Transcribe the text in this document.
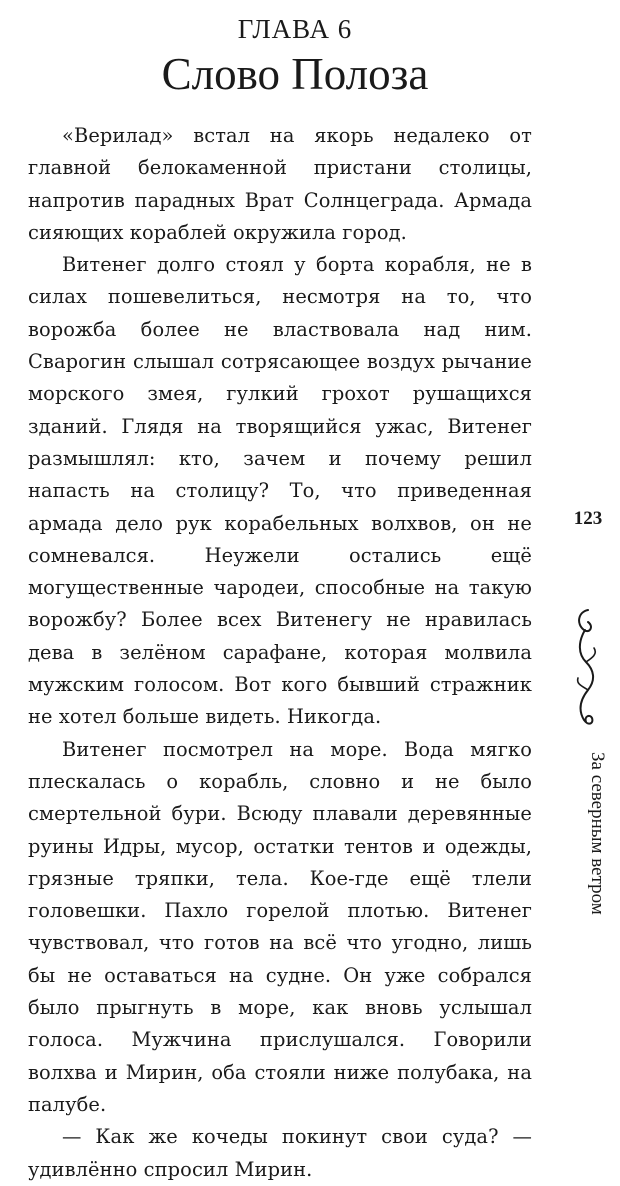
ГЛАВА 6
Слово Полоза

«Верилад» встал на якорь недалеко от главной белокаменной пристани столицы, напротив парадных Врат Солнцеграда. Армада сияющих кораблей окружила город.

Витенег долго стоял у борта корабля, не в силах пошевелиться, несмотря на то, что ворожба более не властвовала над ним. Сварогин слышал сотрясающее воздух рычание морского змея, гулкий грохот рушащихся зданий. Глядя на творящийся ужас, Витенег размышлял: кто, зачем и почему решил напасть на столицу? То, что приведенная армада дело рук корабельных волхвов, он не сомневался. Неужели остались ещё могущественные чародеи, способные на такую ворожбу? Более всех Витенегу не нравилась дева в зелёном сарафане, которая молвила мужским голосом. Вот кого бывший стражник не хотел больше видеть. Никогда.

Витенег посмотрел на море. Вода мягко плескалась о корабль, словно и не было смертельной бури. Всюду плавали деревянные руины Идры, мусор, остатки тентов и одежды, грязные тряпки, тела. Кое-где ещё тлели головешки. Пахло горелой плотью. Витенег чувствовал, что готов на всё что угодно, лишь бы не оставаться на судне. Он уже собрался было прыгнуть в море, как вновь услышал голоса. Мужчина прислушался. Говорили волхва и Мирин, оба стояли ниже полубака, на палубе.

— Как же кочеды покинут свои суда? — удивлённо спросил Мирин.

123
За северным ветром
